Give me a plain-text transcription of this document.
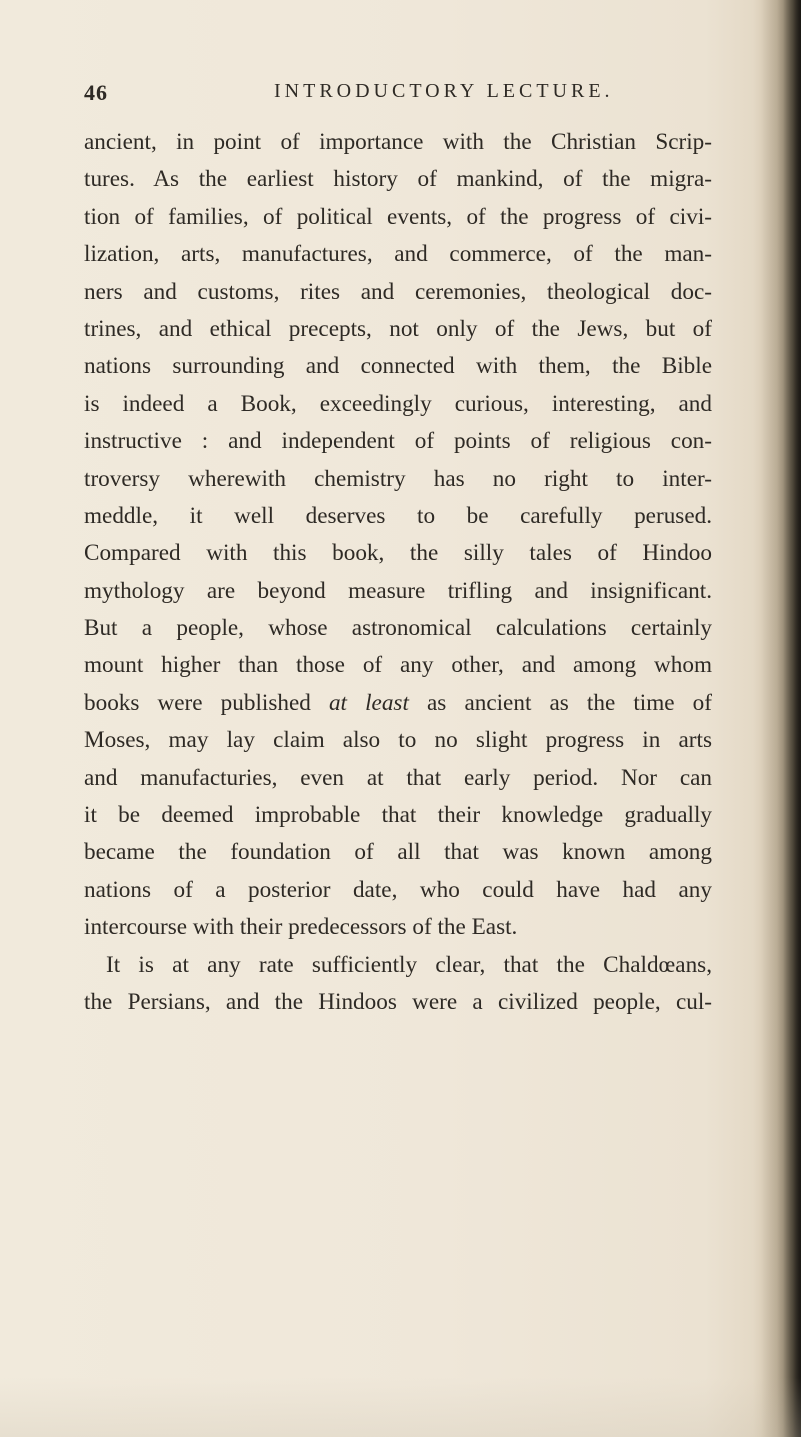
46	INTRODUCTORY LECTURE.
ancient, in point of importance with the Christian Scrip-
tures. As the earliest history of mankind, of the migra-
tion of families, of political events, of the progress of civi-
lization, arts, manufactures, and commerce, of the man-
ners and customs, rites and ceremonies, theological doc-
trines, and ethical precepts, not only of the Jews, but of
nations surrounding and connected with them, the Bible
is indeed a Book, exceedingly curious, interesting, and
instructive : and independent of points of religious con-
troversy wherewith chemistry has no right to inter-
meddle, it well deserves to be carefully perused.
Compared with this book, the silly tales of Hindoo
mythology are beyond measure trifling and insignificant.
But a people, whose astronomical calculations certainly
mount higher than those of any other, and among whom
books were published at least as ancient as the time of
Moses, may lay claim also to no slight progress in arts
and manufacturies, even at that early period. Nor can
it be deemed improbable that their knowledge gradually
became the foundation of all that was known among
nations of a posterior date, who could have had any
intercourse with their predecessors of the East.
It is at any rate sufficiently clear, that the Chaldœans,
the Persians, and the Hindoos were a civilized people, cul-
